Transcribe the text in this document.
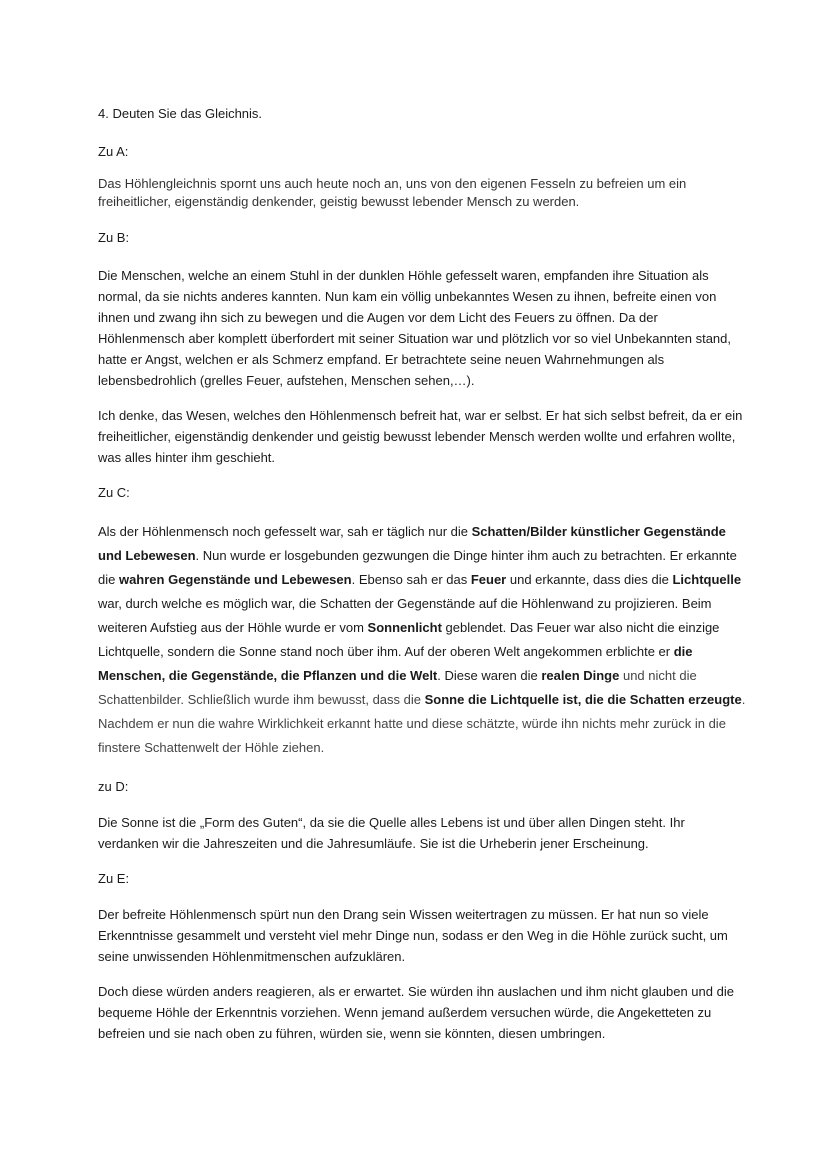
4. Deuten Sie das Gleichnis.

Zu A:

Das Höhlengleichnis spornt uns auch heute noch an, uns von den eigenen Fesseln zu befreien um ein freiheitlicher, eigenständig denkender, geistig bewusst lebender Mensch zu werden.

Zu B:

Die Menschen, welche an einem Stuhl in der dunklen Höhle gefesselt waren, empfanden ihre Situation als normal, da sie nichts anderes kannten. Nun kam ein völlig unbekanntes Wesen zu ihnen, befreite einen von ihnen und zwang ihn sich zu bewegen und die Augen vor dem Licht des Feuers zu öffnen. Da der Höhlenmensch aber komplett überfordert mit seiner Situation war und plötzlich vor so viel Unbekannten stand, hatte er Angst, welchen er als Schmerz empfand. Er betrachtete seine neuen Wahrnehmungen als lebensbedrohlich (grelles Feuer, aufstehen, Menschen sehen,…).

Ich denke, das Wesen, welches den Höhlenmensch befreit hat, war er selbst. Er hat sich selbst befreit, da er ein freiheitlicher, eigenständig denkender und geistig bewusst lebender Mensch werden wollte und erfahren wollte, was alles hinter ihm geschieht.

Zu C:

Als der Höhlenmensch noch gefesselt war, sah er täglich nur die Schatten/Bilder künstlicher Gegenstände und Lebewesen. Nun wurde er losgebunden gezwungen die Dinge hinter ihm auch zu betrachten. Er erkannte die wahren Gegenstände und Lebewesen. Ebenso sah er das Feuer und erkannte, dass dies die Lichtquelle war, durch welche es möglich war, die Schatten der Gegenstände auf die Höhlenwand zu projizieren. Beim weiteren Aufstieg aus der Höhle wurde er vom Sonnenlicht geblendet. Das Feuer war also nicht die einzige Lichtquelle, sondern die Sonne stand noch über ihm. Auf der oberen Welt angekommen erblichte er die Menschen, die Gegenstände, die Pflanzen und die Welt. Diese waren die realen Dinge und nicht die Schattenbilder. Schließlich wurde ihm bewusst, dass die Sonne die Lichtquelle ist, die die Schatten erzeugte. Nachdem er nun die wahre Wirklichkeit erkannt hatte und diese schätzte, würde ihn nichts mehr zurück in die finstere Schattenwelt der Höhle ziehen.

zu D:

Die Sonne ist die „Form des Guten“, da sie die Quelle alles Lebens ist und über allen Dingen steht. Ihr verdanken wir die Jahreszeiten und die Jahresumläufe. Sie ist die Urheberin jener Erscheinung.

Zu E:

Der befreite Höhlenmensch spürt nun den Drang sein Wissen weitertragen zu müssen. Er hat nun so viele Erkenntnisse gesammelt und versteht viel mehr Dinge nun, sodass er den Weg in die Höhle zurück sucht, um seine unwissenden Höhlenmitmenschen aufzuklären.

Doch diese würden anders reagieren, als er erwartet. Sie würden ihn auslachen und ihm nicht glauben und die bequeme Höhle der Erkenntnis vorziehen. Wenn jemand außerdem versuchen würde, die Angeketteten zu befreien und sie nach oben zu führen, würden sie, wenn sie könnten, diesen umbringen.
